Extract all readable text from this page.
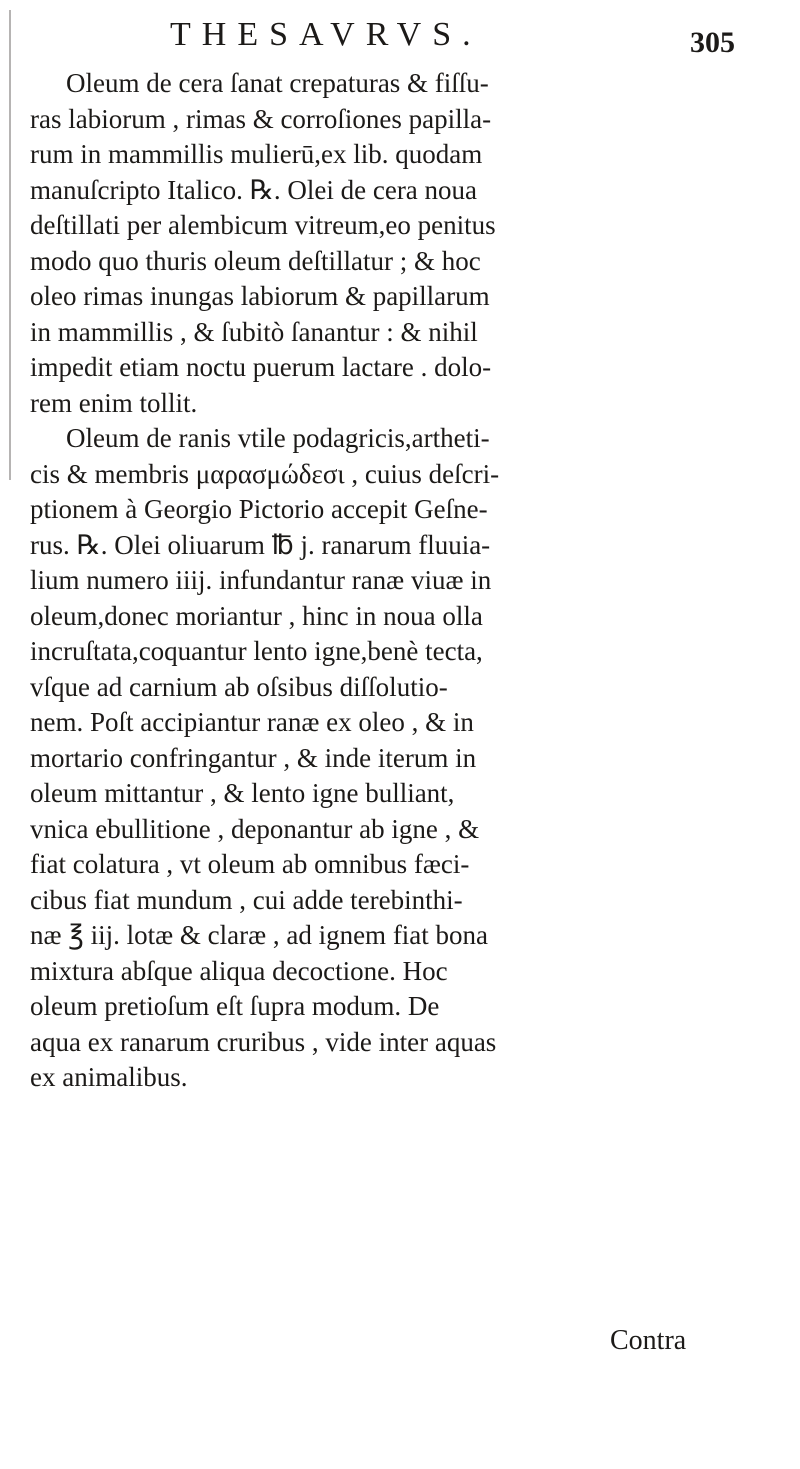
THESAVRVS.	305
Oleum de cera ſanat crepaturas & fiſſu-
ras labiorum , rimas & corroſiones papilla-
rum in mammillis mulierū,ex lib. quodam
manuſcripto Italico. ℞. Olei de cera noua
deſtillati per alembicum vitreum,eo penitus
modo quo thuris oleum deſtillatur ; & hoc
oleo rimas inungas labiorum & papillarum
in mammillis , & ſubitò ſanantur : & nihil
impedit etiam noctu puerum lactare . dolo-
rem enim tollit.
Oleum de ranis vtile podagricis,artheti-
cis & membris μαρασμώδεσι , cuius deſcri-
ptionem à Georgio Pictorio accepit Geſne-
rus. ℞. Olei oliuarum ℔ j. ranarum fluuia-
lium numero iiij. infundantur ranæ viuæ in
oleum,donec moriantur , hinc in noua olla
incruſtata,coquantur lento igne,benè tecta,
vſque ad carnium ab oſsibus diſſolutio-
nem. Poſt accipiantur ranæ ex oleo , & in
mortario confringantur , & inde iterum in
oleum mittantur , & lento igne bulliant,
vnica ebullitione , deponantur ab igne , &
fiat colatura , vt oleum ab omnibus fæci-
cibus fiat mundum , cui adde terebinthi-
næ ℥ iij. lotæ & claræ , ad ignem fiat bona
mixtura abſque aliqua decoctione. Hoc
oleum pretioſum eſt ſupra modum. De
aqua ex ranarum cruribus , vide inter aquas
ex animalibus.
Contra
